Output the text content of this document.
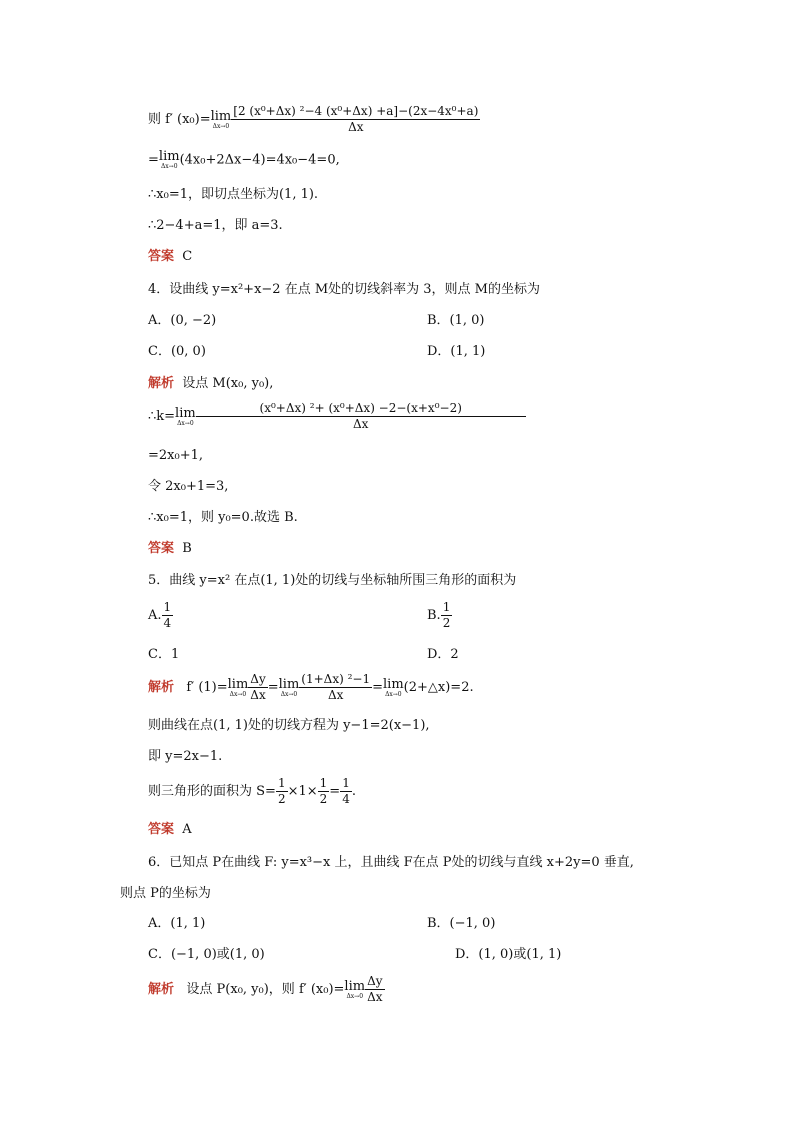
则 f′ (x₀)= lim
$\Delta x\to 0 \frac{\text{[2 (x⁰+Δx) ²−4 (x⁰+Δx) +a]−(2x−4x⁰+a)}}{\Delta x}$
= lim
Δx→0 (4x₀+2Δx−4)=4x₀−4=0,
∴x₀=1，即切点坐标为(1, 1).
∴2−4+a=1，即 a=3.
答案 C
4．设曲线 y=x²+x−2 在点 M处的切线斜率为 3，则点 M的坐标为
A．(0, −2)	B．(1, 0)
C．(0, 0)	D．(1, 1)
解析 设点 M(x₀, y₀),
∴k= lim
$\Delta x\to 0 \frac{\text{(x⁰+Δx) ²+ (x⁰+Δx) −2−(x+x⁰−2)}}{\Delta x}$
=2x₀+1,
令 2x₀+1=3,
∴x₀=1，则 y₀=0.故选 B.
答案 B
5．曲线 y=x² 在点(1, 1)处的切线与坐标轴所围三角形的面积为
A. $\frac{1}{4}$	B. $\frac{1}{2}$
C．1	D．2
解析 f′ (1)= lim
$\Delta x\to 0 \frac{\Delta y}{\Delta x} = \lim$
$\Delta x\to 0 \frac{\text{(1+Δx) ²−1}}{\Delta x} = \lim$
Δx→0 (2+△x)=2.
则曲线在点(1, 1)处的切线方程为 y−1=2(x−1),
即 y=2x−1.
则三角形的面积为 $S= \frac{1}{2} \times 1\times \frac{1}{2} = \frac{1}{4}$ .
答案 A
6．已知点 P在曲线 F: y=x³−x 上，且曲线 F在点 P处的切线与直线 x+2y=0 垂直,
则点 P的坐标为
A．(1, 1)	B．(−1, 0)
C．(−1, 0)或(1, 0)	D．(1, 0)或(1, 1)
解析 设点 P(x₀, y₀)，则 f′ (x₀)= lim
$\Delta x\to 0 \frac{\Delta y}{\Delta x}$
